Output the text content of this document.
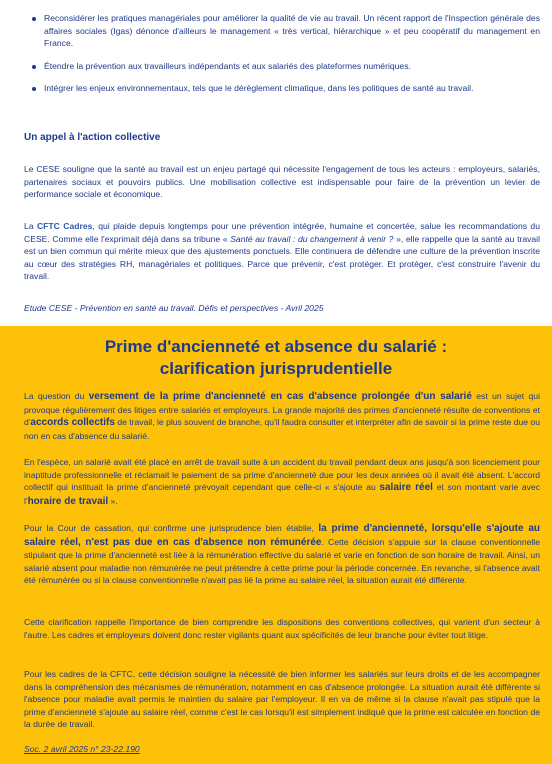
Reconsidérer les pratiques managériales pour améliorer la qualité de vie au travail. Un récent rapport de l'Inspection générale des affaires sociales (Igas) dénonce d'ailleurs le management « très vertical, hiérarchique » et peu coopératif du management en France.
Étendre la prévention aux travailleurs indépendants et aux salariés des plateformes numériques.
Intégrer les enjeux environnementaux, tels que le dérèglement climatique, dans les politiques de santé au travail.
Un appel à l'action collective

Le CESE souligne que la santé au travail est un enjeu partagé qui nécessite l'engagement de tous les acteurs : employeurs, salariés, partenaires sociaux et pouvoirs publics. Une mobilisation collective est indispensable pour faire de la prévention un levier de performance sociale et économique.

La CFTC Cadres, qui plaide depuis longtemps pour une prévention intégrée, humaine et concertée, salue les recommandations du CESE. Comme elle l'exprimait déjà dans sa tribune « Santé au travail : du changement à venir ? », elle rappelle que la santé au travail est un bien commun qui mérite mieux que des ajustements ponctuels. Elle continuera de défendre une culture de la prévention inscrite au cœur des stratégies RH, managériales et politiques. Parce que prévenir, c'est protéger. Et protéger, c'est construire l'avenir du travail.

Etude CESE - Prévention en santé au travail. Défis et perspectives - Avril 2025
Prime d'ancienneté et absence du salarié :
clarification jurisprudentielle

La question du versement de la prime d'ancienneté en cas d'absence prolongée d'un salarié est un sujet qui provoque régulièrement des litiges entre salariés et employeurs. La grande majorité des primes d'ancienneté résulte de conventions et d'accords collectifs de travail, le plus souvent de branche, qu'il faudra consulter et interpréter afin de savoir si la prime reste due ou non en cas d'absence du salarié.

En l'espèce, un salarié avait été placé en arrêt de travail suite à un accident du travail pendant deux ans jusqu'à son licenciement pour inaptitude professionnelle et réclamait le paiement de sa prime d'ancienneté due pour les deux années où il avait été absent. L'accord collectif qui instituait la prime d'ancienneté prévoyait cependant que celle-ci « s'ajoute au salaire réel et son montant varie avec l'horaire de travail ».

Pour la Cour de cassation, qui confirme une jurisprudence bien établie, la prime d'ancienneté, lorsqu'elle s'ajoute au salaire réel, n'est pas due en cas d'absence non rémunérée. Cette décision s'appuie sur la clause conventionnelle stipulant que la prime d'ancienneté est liée à la rémunération effective du salarié et varie en fonction de son horaire de travail. Ainsi, un salarié absent pour maladie non rémunérée ne peut prétendre à cette prime pour la période concernée. En revanche, si l'absence avait été rémunérée ou si la clause conventionnelle n'avait pas lié la prime au salaire réel, la situation aurait été différente.

Cette clarification rappelle l'importance de bien comprendre les dispositions des conventions collectives, qui varient d'un secteur à l'autre. Les cadres et employeurs doivent donc rester vigilants quant aux spécificités de leur branche pour éviter tout litige.

Pour les cadres de la CFTC, cette décision souligne la nécessité de bien informer les salariés sur leurs droits et de les accompagner dans la compréhension des mécanismes de rémunération, notamment en cas d'absence prolongée. La situation aurait été différente si l'absence pour maladie avait permis le maintien du salaire par l'employeur. Il en va de même si la clause n'avait pas stipulé que la prime d'ancienneté s'ajoute au salaire réel, comme c'est le cas lorsqu'il est simplement indiqué que la prime est calculée en fonction de la durée de travail.

Soc. 2 avril 2025 n° 23-22.190
